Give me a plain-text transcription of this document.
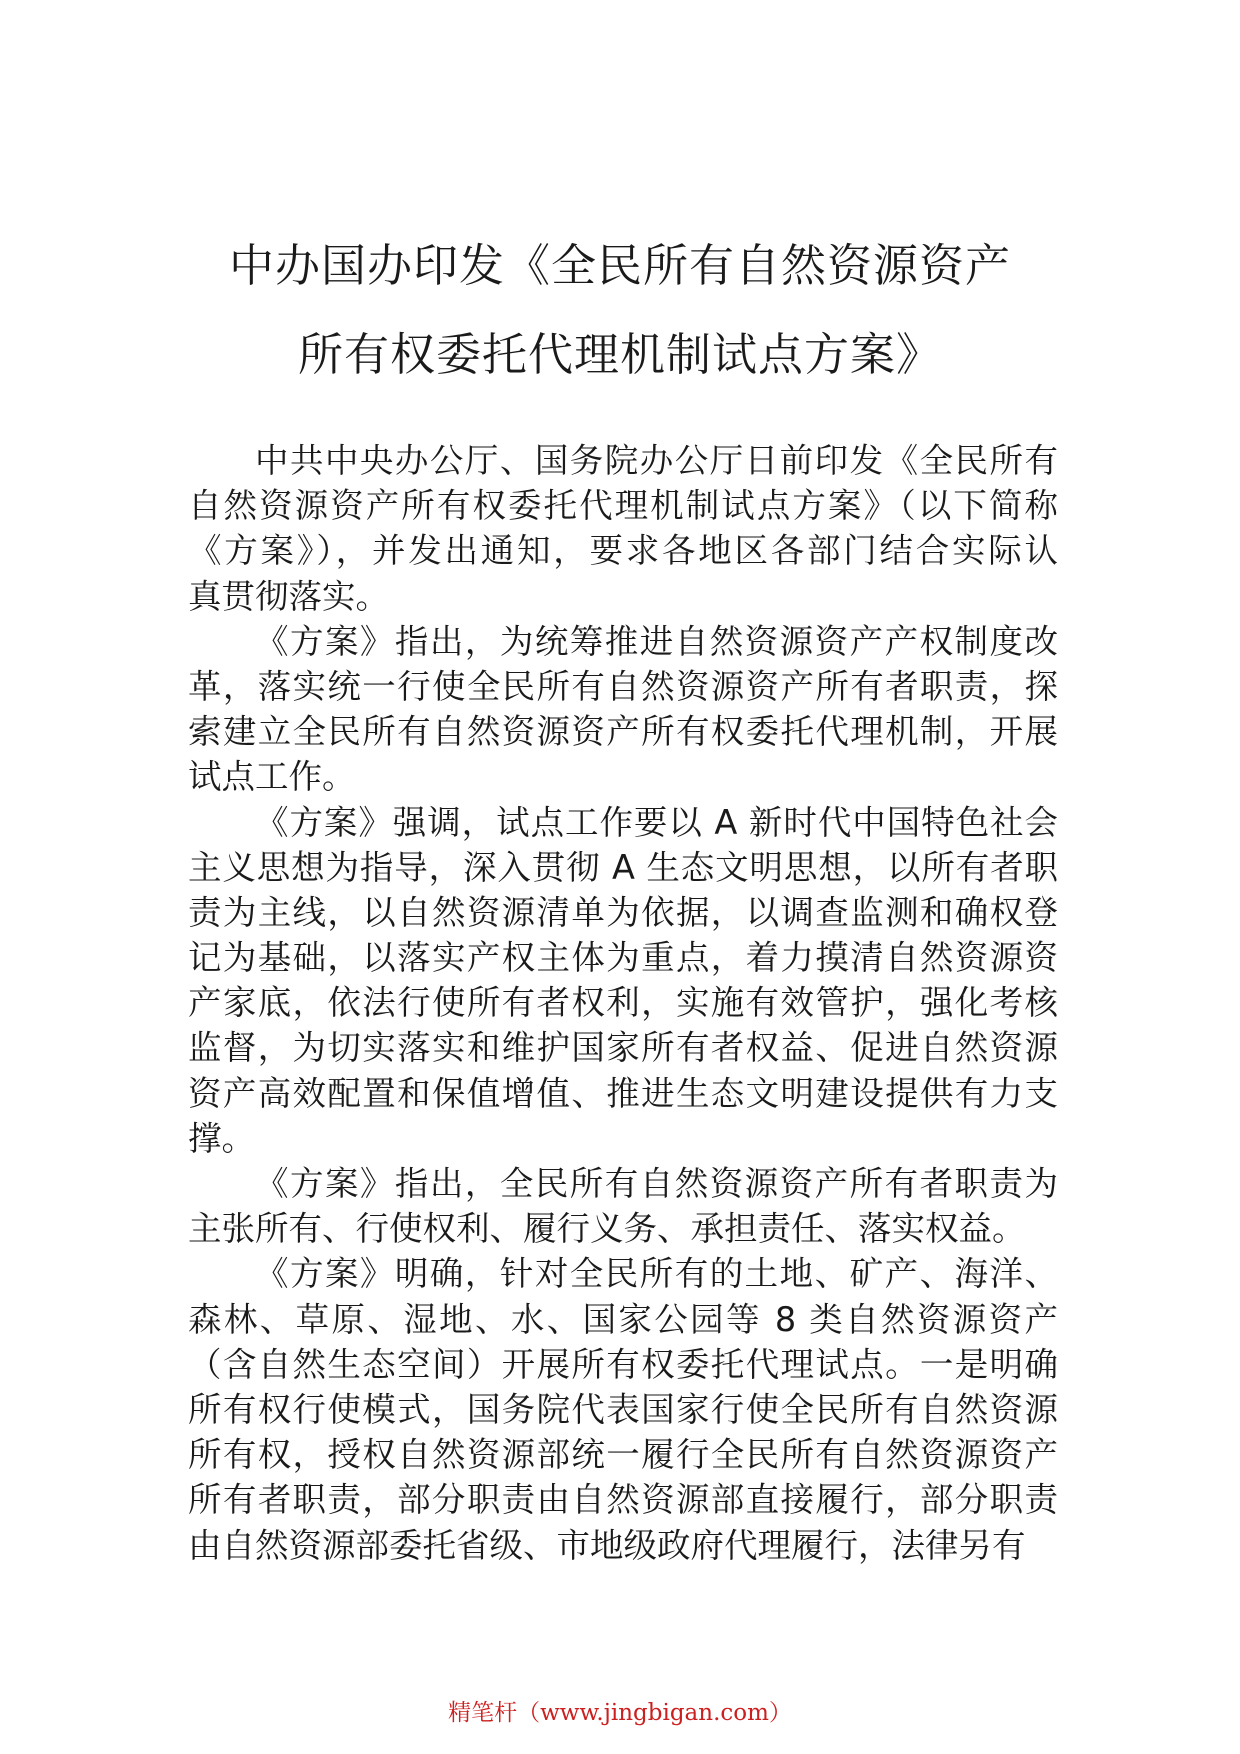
中办国办印发《全民所有自然资源资产
所有权委托代理机制试点方案》
中共中央办公厅、国务院办公厅日前印发《全民所有
自然资源资产所有权委托代理机制试点方案》（以下简称
《方案》），并发出通知，要求各地区各部门结合实际认
真贯彻落实。
《方案》指出，为统筹推进自然资源资产产权制度改
革，落实统一行使全民所有自然资源资产所有者职责，探
索建立全民所有自然资源资产所有权委托代理机制，开展
试点工作。
《方案》强调，试点工作要以 A 新时代中国特色社会
主义思想为指导，深入贯彻 A 生态文明思想，以所有者职
责为主线，以自然资源清单为依据，以调查监测和确权登
记为基础，以落实产权主体为重点，着力摸清自然资源资
产家底，依法行使所有者权利，实施有效管护，强化考核
监督，为切实落实和维护国家所有者权益、促进自然资源
资产高效配置和保值增值、推进生态文明建设提供有力支
撑。
《方案》指出，全民所有自然资源资产所有者职责为
主张所有、行使权利、履行义务、承担责任、落实权益。
《方案》明确，针对全民所有的土地、矿产、海洋、
森林、草原、湿地、水、国家公园等 8 类自然资源资产
（含自然生态空间）开展所有权委托代理试点。一是明确
所有权行使模式，国务院代表国家行使全民所有自然资源
所有权，授权自然资源部统一履行全民所有自然资源资产
所有者职责，部分职责由自然资源部直接履行，部分职责
由自然资源部委托省级、市地级政府代理履行，法律另有
精笔杆（www.jingbigan.com）
